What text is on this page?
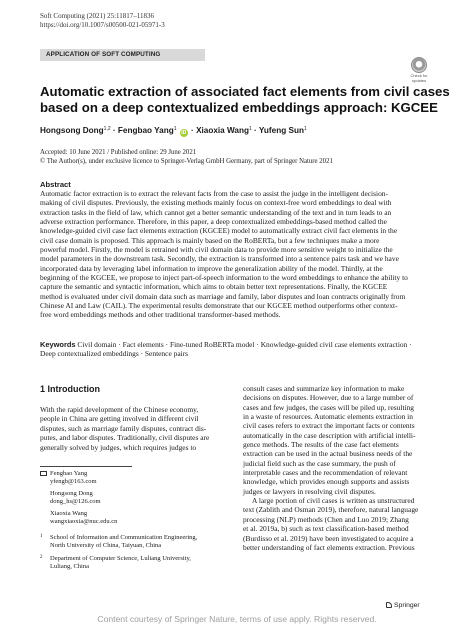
Soft Computing (2021) 25:11817–11836
https://doi.org/10.1007/s00500-021-05971-3
APPLICATION OF SOFT COMPUTING
Check for
updates
Automatic extraction of associated fact elements from civil cases
based on a deep contextualized embeddings approach: KGCEE
Hongsong Dong$^{1,2}$ · Fengbao Yang$^1$ iD · Xiaoxia Wang$^1$ · Yufeng Sun$^1$
Accepted: 10 June 2021 / Published online: 29 June 2021
© The Author(s), under exclusive licence to Springer-Verlag GmbH Germany, part of Springer Nature 2021
Abstract
Automatic factor extraction is to extract the relevant facts from the case to assist the judge in the intelligent decision-
making of civil disputes. Previously, the existing methods mainly focus on context-free word embeddings to deal with
extraction tasks in the field of law, which cannot get a better semantic understanding of the text and in turn leads to an
adverse extraction performance. Therefore, in this paper, a deep contextualized embeddings-based method called the
knowledge-guided civil case fact elements extraction (KGCEE) model to automatically extract civil fact elements in the
civil case domain is proposed. This approach is mainly based on the RoBERTa, but a few techniques make a more
powerful model. Firstly, the model is retrained with civil domain data to provide more sensitive weight to initialize the
model parameters in the downstream task. Secondly, the extraction is transformed into a sentence pairs task and we have
incorporated data by leveraging label information to improve the generalization ability of the model. Thirdly, at the
beginning of the KGCEE, we propose to inject part-of-speech information to the word embeddings to enhance the ability to
capture the semantic and syntactic information, which aims to obtain better text representations. Finally, the KGCEE
method is evaluated under civil domain data such as marriage and family, labor disputes and loan contracts originally from
Chinese AI and Law (CAIL). The experimental results demonstrate that our KGCEE method outperforms other context-
free word embeddings methods and other traditional transformer-based methods.
Keywords Civil domain · Fact elements · Fine-tuned RoBERTa model · Knowledge-guided civil case elements extraction ·
Deep contextualized embeddings · Sentence pairs
1 Introduction
With the rapid development of the Chinese economy,
people in China are getting involved in different civil
disputes, such as marriage family disputes, contract dis-
putes, and labor disputes. Traditionally, civil disputes are
generally solved by judges, which requires judges to
Fengbao Yang
yfengb@163.com
Hongsong Dong
dong_hs@126.com
Xiaoxia Wang
wangxiaoxia@nuc.edu.cn
1	School of Information and Communication Engineering,
North University of China, Taiyuan, China
2	Department of Computer Science, Luliang University,
Luliang, China
consult cases and summarize key information to make
decisions on disputes. However, due to a large number of
cases and few judges, the cases will be piled up, resulting
in a waste of resources. Automatic elements extraction in
civil cases refers to extract the important facts or contents
automatically in the case description with artificial intelli-
gence methods. The results of the case fact elements
extraction can be used in the actual business needs of the
judicial field such as the case summary, the push of
interpretable cases and the recommendation of relevant
knowledge, which provides enough supports and assists
judges or lawyers in resolving civil disputes.
A large portion of civil cases is written as unstructured
text (Zablith and Osman 2019), therefore, natural language
processing (NLP) methods (Chen and Luo 2019; Zhang
et al. 2019a, b) such as text classification-based method
(Burdisso et al. 2019) have been investigated to acquire a
better understanding of fact elements extraction. Previous
Springer
Content courtesy of Springer Nature, terms of use apply. Rights reserved.
